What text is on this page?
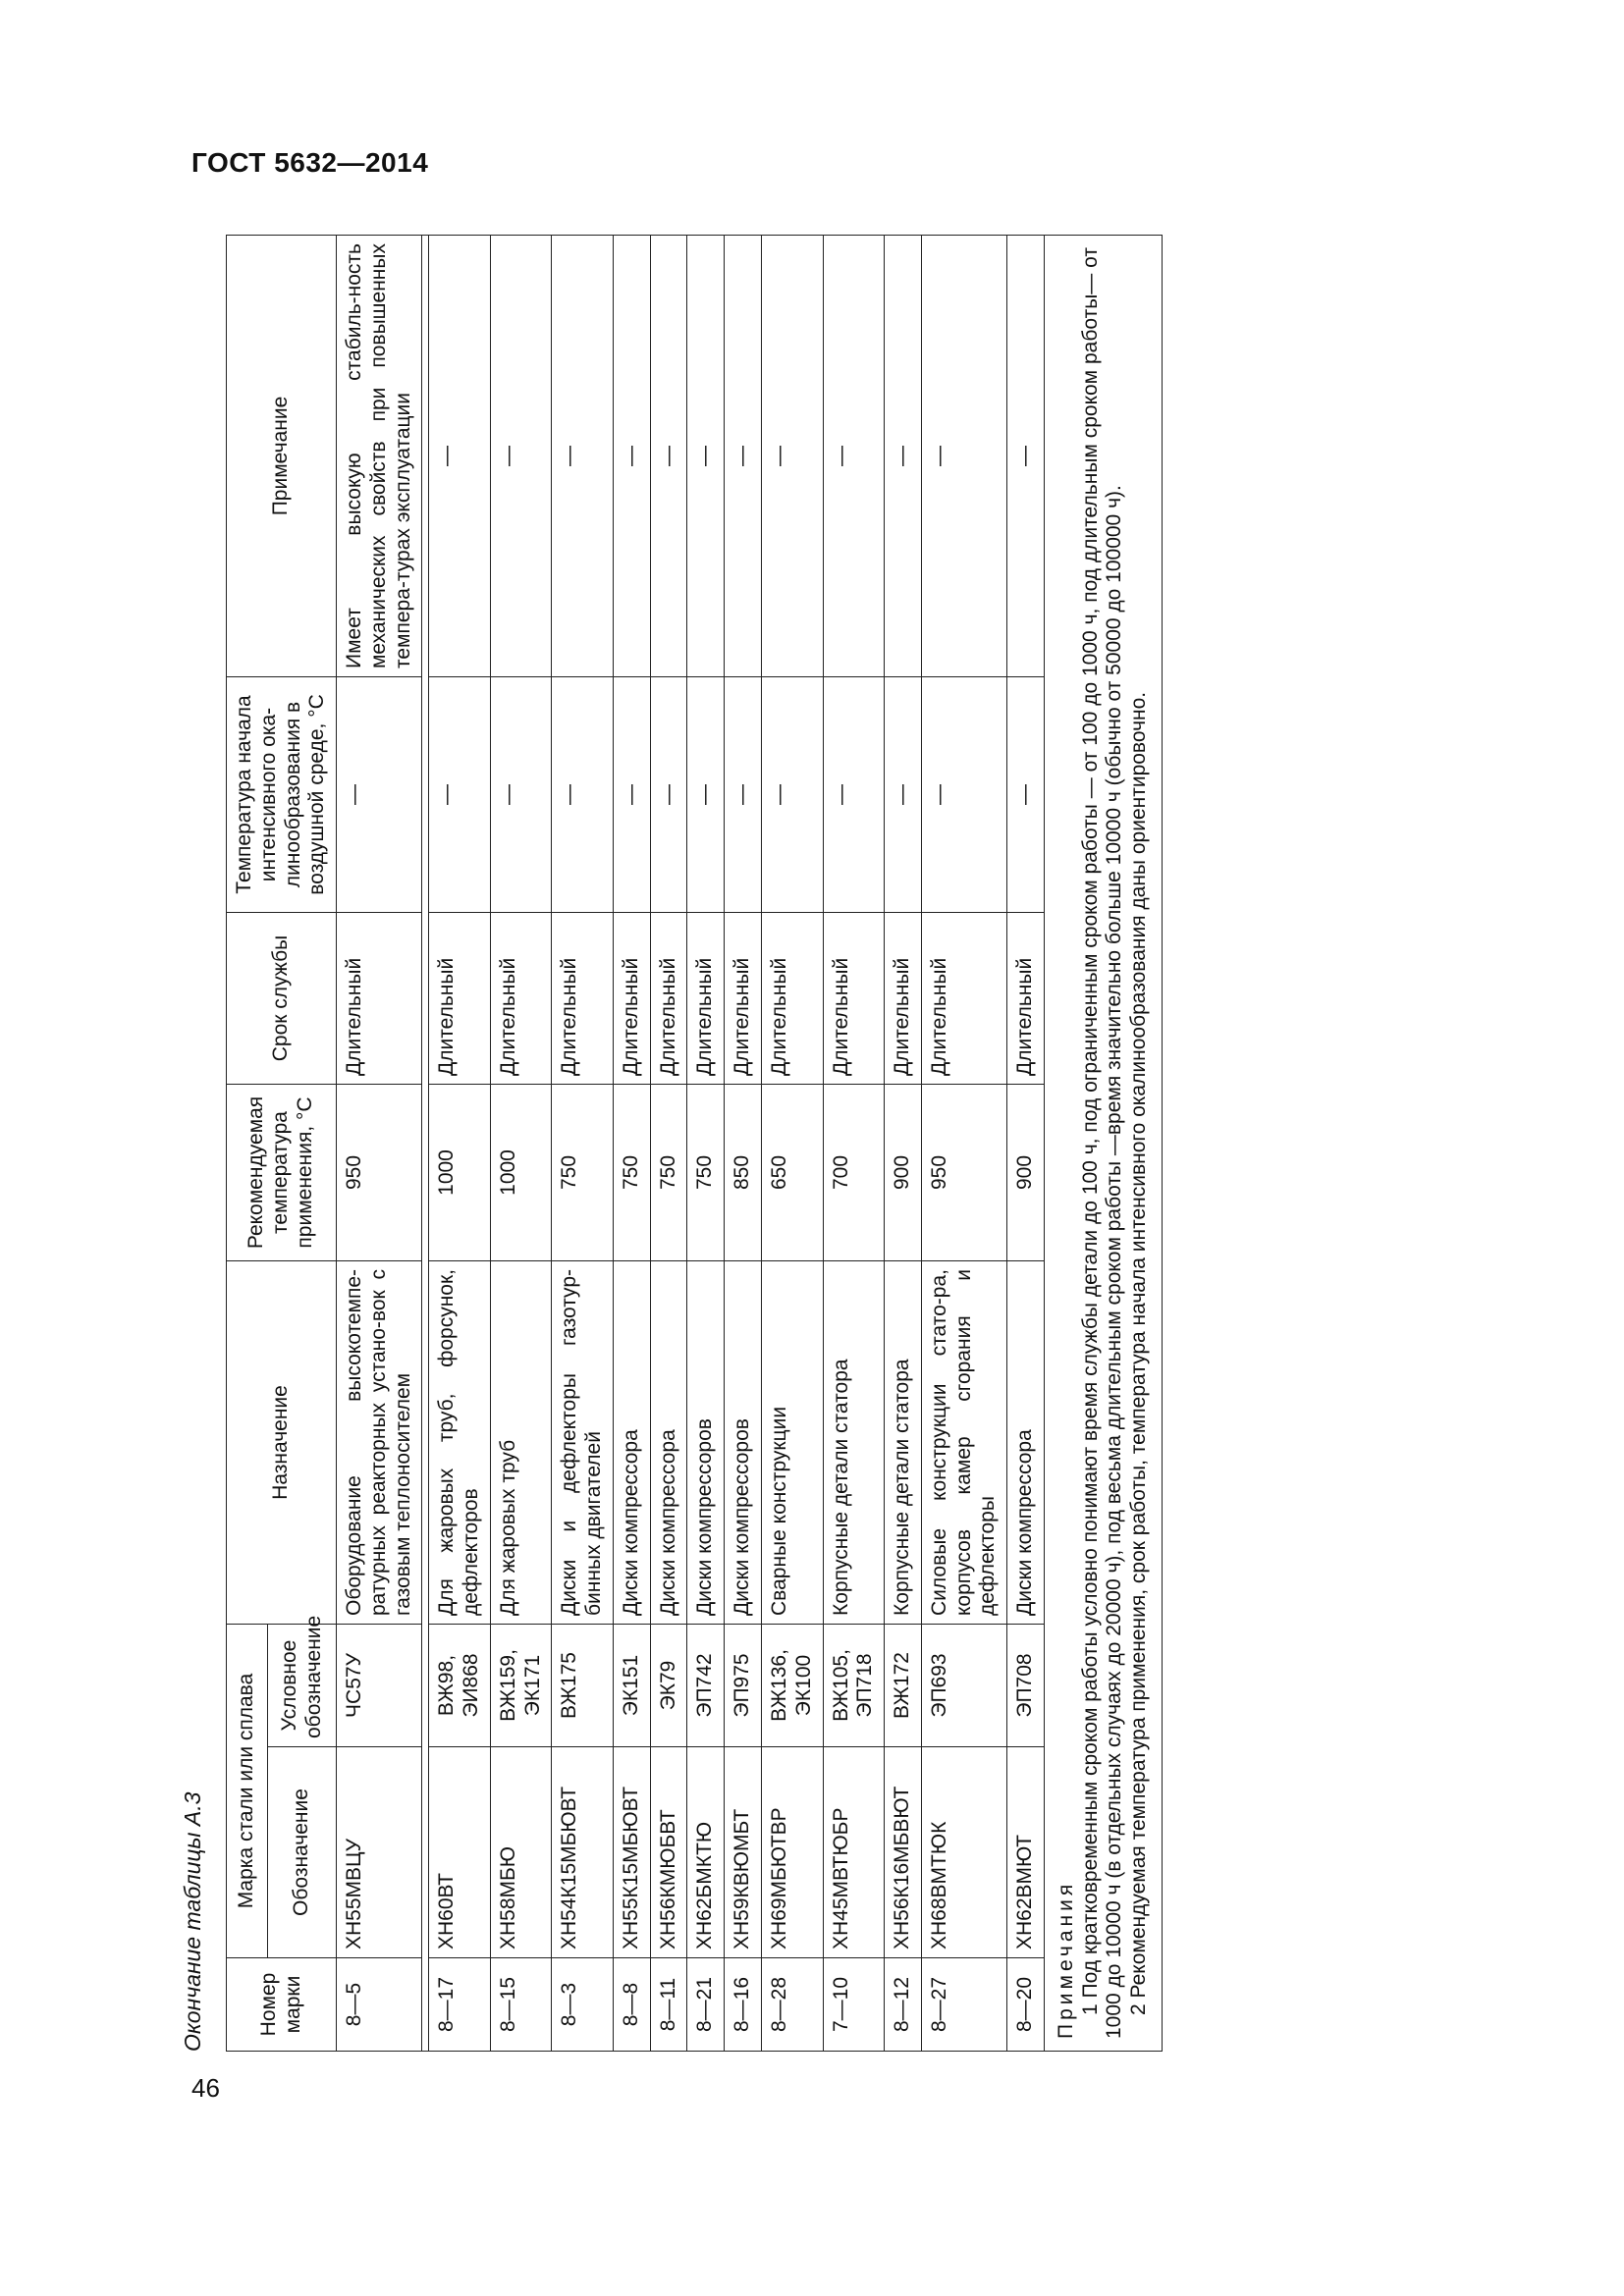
ГОСТ 5632—2014
46
Окончание таблицы А.3	Номер марки	Марка стали или сплава		Назначение	Рекомендуемая температура применения, °C	Срок службы	Температура начала интенсивного ока-линообразования в воздушной среде, °C	Примечание
	Обозначение	Условное обозначение					
8—5	ХН55МВЦУ	ЧС57У	Оборудование высокотемпе-ратурных реакторных устано-вок с газовым теплоносителем	950	Длительный	—	Имеет высокую стабиль-ность механических свойств при повышенных темпера-турах эксплуатации

8—17	ХН60ВТ	ВЖ98, ЭИ868	Для жаровых труб, форсунок, дефлекторов	1000	Длительный	—	—
8—15	ХН58МБЮ	ВЖ159, ЭК171	Для жаровых труб	1000	Длительный	—	—
8—3	ХН54К15МБЮВТ	ВЖ175	Диски и дефлекторы газотур-бинных двигателей	750	Длительный	—	—
8—8	ХН55К15МБЮВТ	ЭК151	Диски компрессора	750	Длительный	—	—
8—11	ХН56КМЮБВТ	ЭК79	Диски компрессора	750	Длительный	—	—
8—21	ХН62БМКТЮ	ЭП742	Диски компрессоров	750	Длительный	—	—
8—16	ХН59КВЮМБТ	ЭП975	Диски компрессоров	850	Длительный	—	—
8—28	ХН69МБЮТВР	ВЖ136, ЭК100	Сварные конструкции	650	Длительный	—	—
7—10	ХН45МВТЮБР	ВЖ105, ЭП718	Корпусные детали статора	700	Длительный	—	—
8—12	ХН56К16МБВЮТ	ВЖ172	Корпусные детали статора	900	Длительный	—	—
8—27	ХН68ВМТЮК	ЭП693	Силовые конструкции стато-ра, корпусов камер сгорания и дефлекторы	950	Длительный	—	—
8—20	ХН62ВМЮТ	ЭП708	Диски компрессора	900	Длительный	—	—

Примечания 1 Под кратковременным сроком работы условно понимают время службы детали до 100 ч, под ограниченным сроком работы — от 100 до 1000 ч, под длительным сроком работы— от 1000 до 10000 ч (в отдельных случаях до 20000 ч), под весьма длительным сроком работы —время значительно больше 10000 ч (обычно от 50000 до 100000 ч). 2 Рекомендуемая температура применения, срок работы, температура начала интенсивного окалинообразования даны ориентировочно.							
